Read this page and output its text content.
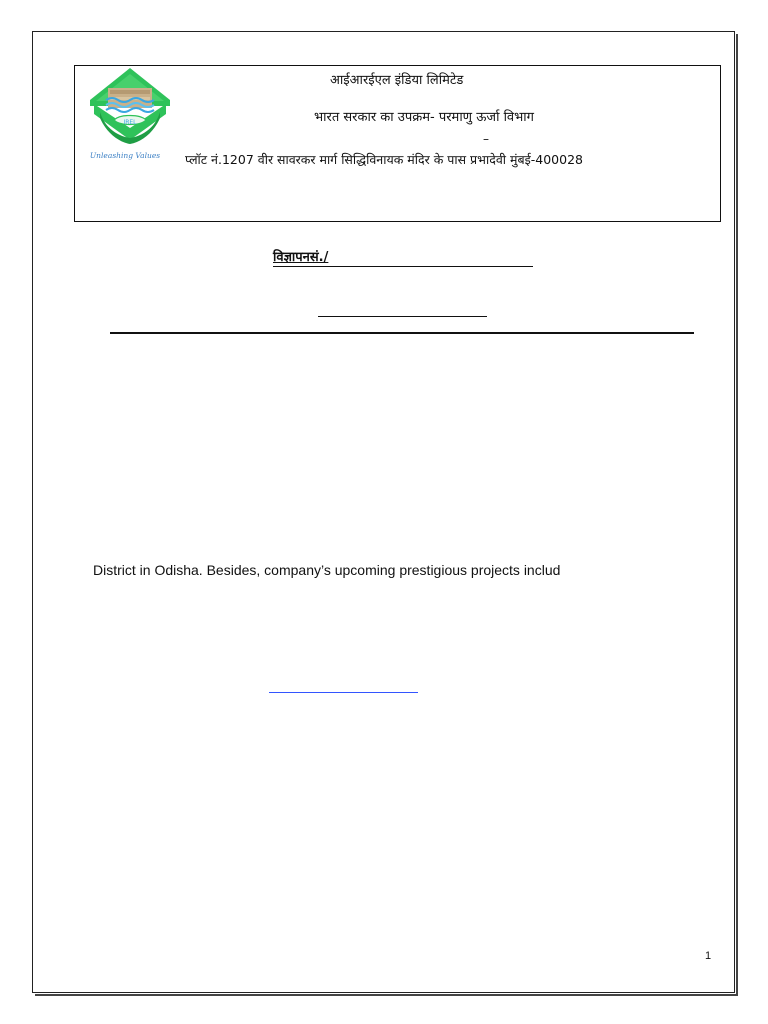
IREL
Unleashing Values
आईआरईएल इंडिया लिमिटेड
भारत सरकार का उपक्रम- परमाणु ऊर्जा विभाग
–
प्लॉट नं.1207 वीर सावरकर मार्ग सिद्धिविनायक मंदिर के पास प्रभादेवी मुंबई-400028
विज्ञापनसं./
District in Odisha. Besides, company’s upcoming prestigious projects includ
1
